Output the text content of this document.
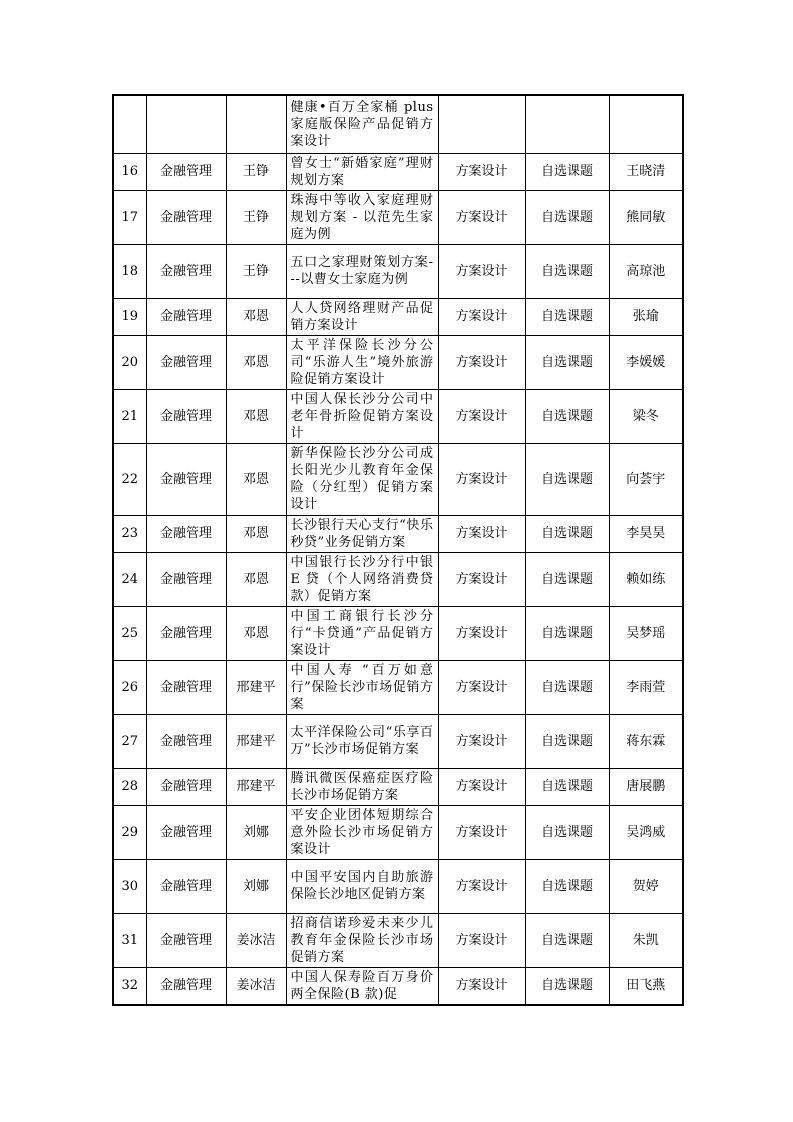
			健康•百万全家桶 plus 家庭版保险产品促销方案设计			
16	金融管理	王铮	曾女士“新婚家庭”理财规划方案	方案设计	自选课题	王晓清
17	金融管理	王铮	珠海中等收入家庭理财规划方案 - 以范先生家庭为例	方案设计	自选课题	熊同敏
18	金融管理	王铮	五口之家理财策划方案---以曹女士家庭为例	方案设计	自选课题	高琼池
19	金融管理	邓恩	人人贷网络理财产品促销方案设计	方案设计	自选课题	张瑜
20	金融管理	邓恩	太平洋保险长沙分公司“乐游人生”境外旅游险促销方案设计	方案设计	自选课题	李媛媛
21	金融管理	邓恩	中国人保长沙分公司中老年骨折险促销方案设计	方案设计	自选课题	梁冬
22	金融管理	邓恩	新华保险长沙分公司成长阳光少儿教育年金保险（分红型）促销方案设计	方案设计	自选课题	向荟宇
23	金融管理	邓恩	长沙银行天心支行“快乐秒贷”业务促销方案	方案设计	自选课题	李昊昊
24	金融管理	邓恩	中国银行长沙分行中银 E 贷（个人网络消费贷款）促销方案	方案设计	自选课题	赖如练
25	金融管理	邓恩	中国工商银行长沙分行“卡贷通”产品促销方案设计	方案设计	自选课题	吴梦瑶
26	金融管理	邢建平	中国人寿 “百万如意行”保险长沙市场促销方案	方案设计	自选课题	李雨萱
27	金融管理	邢建平	太平洋保险公司“乐享百万”长沙市场促销方案	方案设计	自选课题	蒋东霖
28	金融管理	邢建平	腾讯微医保癌症医疗险长沙市场促销方案	方案设计	自选课题	唐展鹏
29	金融管理	刘娜	平安企业团体短期综合意外险长沙市场促销方案设计	方案设计	自选课题	吴鸿威
30	金融管理	刘娜	中国平安国内自助旅游保险长沙地区促销方案	方案设计	自选课题	贺婷
31	金融管理	姜冰洁	招商信诺珍爱未来少儿教育年金保险长沙市场促销方案	方案设计	自选课题	朱凯
32	金融管理	姜冰洁	中国人保寿险百万身价两全保险(B 款)促	方案设计	自选课题	田飞燕
